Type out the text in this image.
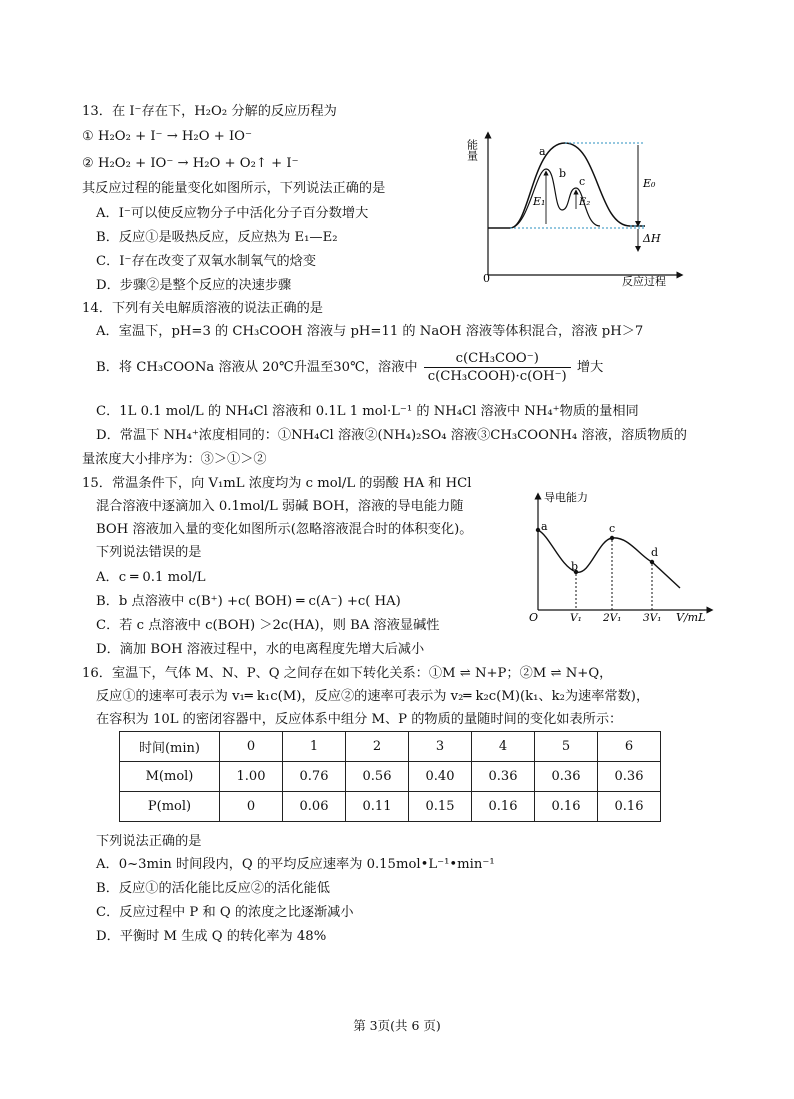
13．在 I⁻存在下，H₂O₂ 分解的反应历程为
① H₂O₂ + I⁻ → H₂O + IO⁻
② H₂O₂ + IO⁻ → H₂O + O₂↑ + I⁻
其反应过程的能量变化如图所示，下列说法正确的是
A．I⁻可以使反应物分子中活化分子百分数增大
B．反应①是吸热反应，反应热为 E₁—E₂
C．I⁻存在改变了双氧水制氧气的焓变
D．步骤②是整个反应的决速步骤
能量
0	反应过程
a
b
c	E₀
E₁	E₂
ΔH
14．下列有关电解质溶液的说法正确的是
A．室温下，pH=3 的 CH₃COOH 溶液与 pH=11 的 NaOH 溶液等体积混合，溶液 pH＞7
B．将 CH₃COONa 溶液从 20℃升温至30℃，溶液中 $\frac{\text{c(CH₃COO⁻)}}{\text{c(CH₃COOH)·c(OH⁻)}}$ 增大
C．1L 0.1 mol/L 的 NH₄Cl 溶液和 0.1L 1 mol·L⁻¹ 的 NH₄Cl 溶液中 NH₄⁺物质的量相同
D．常温下 NH₄⁺浓度相同的：①NH₄Cl 溶液②(NH₄)₂SO₄ 溶液③CH₃COONH₄ 溶液，溶质物质的
量浓度大小排序为：③＞①＞②
15．常温条件下，向 V₁mL 浓度均为 c mol/L 的弱酸 HA 和 HCl
混合溶液中逐滴加入 0.1mol/L 弱碱 BOH，溶液的导电能力随
BOH 溶液加入量的变化如图所示(忽略溶液混合时的体积变化)。
下列说法错误的是
A．c ═ 0.1 mol/L
B．b 点溶液中 c(B⁺) +c( BOH) ═ c(A⁻) +c( HA)
C．若 c 点溶液中 c(BOH) ＞2c(HA)，则 BA 溶液显碱性
D．滴加 BOH 溶液过程中，水的电离程度先增大后减小
导电能力
O	V/mL
a
b
c
d
V₁ 2V₁ 3V₁
16．室温下，气体 M、N、P、Q 之间存在如下转化关系：①M ⇌ N+P；②M ⇌ N+Q，
反应①的速率可表示为 v₁═ k₁c(M)，反应②的速率可表示为 v₂═ k₂c(M)(k₁、k₂为速率常数)，
在容积为 10L 的密闭容器中，反应体系中组分 M、P 的物质的量随时间的变化如表所示：
时间(min)	0	1	2	3	4	5	6
M(mol)	1.00	0.76	0.56	0.40	0.36	0.36	0.36
P(mol)	0	0.06	0.11	0.15	0.16	0.16	0.16
下列说法正确的是
A．0~3min 时间段内，Q 的平均反应速率为 0.15mol•L⁻¹•min⁻¹
B．反应①的活化能比反应②的活化能低
C．反应过程中 P 和 Q 的浓度之比逐渐减小
D．平衡时 M 生成 Q 的转化率为 48%
第 3页(共 6 页)
